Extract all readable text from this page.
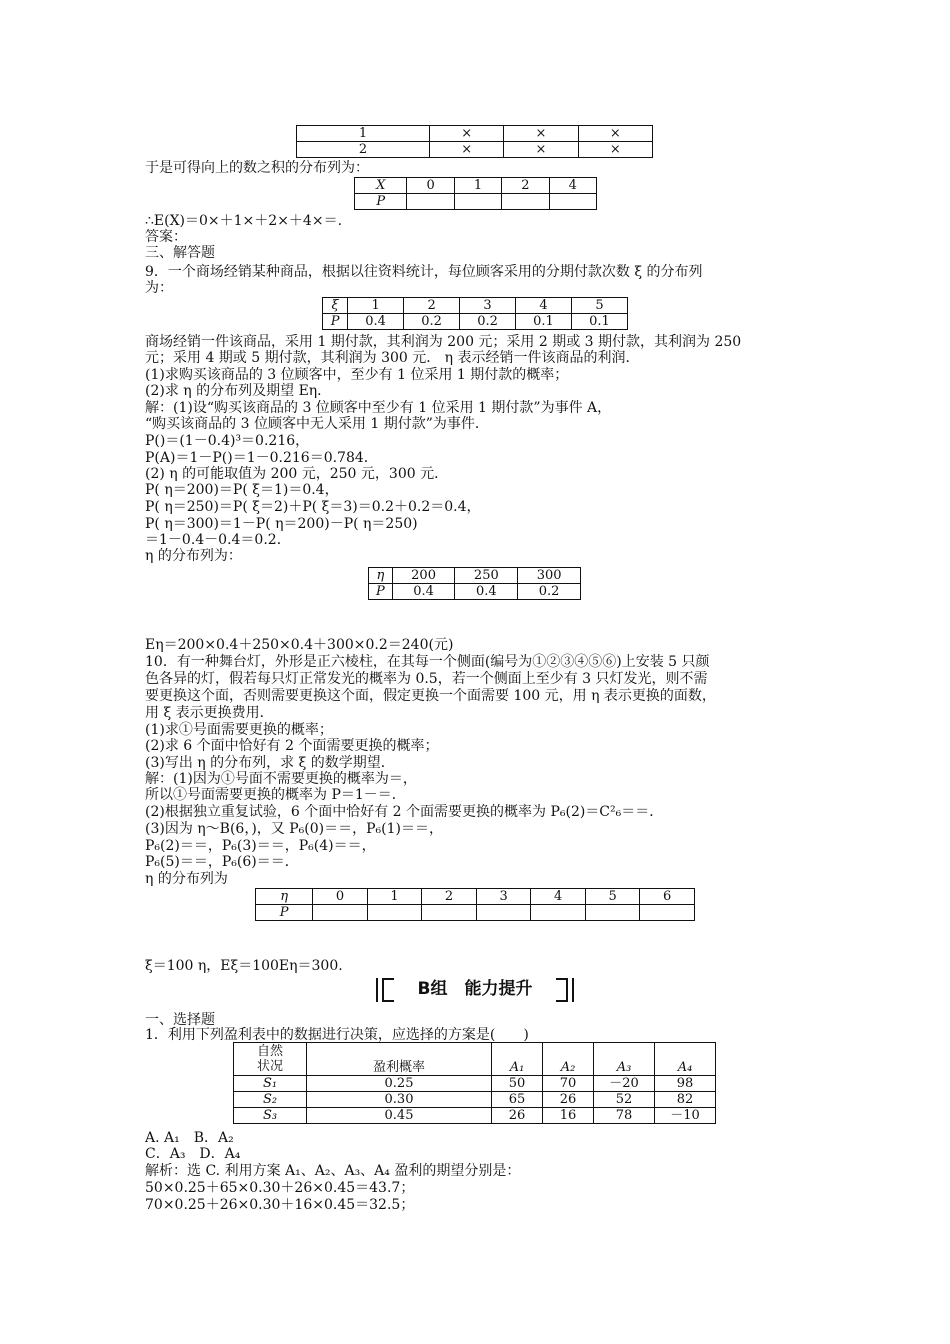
1	×	×	×
2	×	×	×
于是可得向上的数之积的分布列为：
X	0	1	2	4
P				
∴E(X)＝0×＋1×＋2×＋4×＝.
答案：
三、解答题
9．一个商场经销某种商品，根据以往资料统计，每位顾客采用的分期付款次数 ξ 的分布列
为：
ξ	1	2	3	4	5
P	0.4	0.2	0.2	0.1	0.1
商场经销一件该商品，采用 1 期付款，其利润为 200 元；采用 2 期或 3 期付款，其利润为 250
元；采用 4 期或 5 期付款，其利润为 300 元． η 表示经销一件该商品的利润．
(1)求购买该商品的 3 位顾客中，至少有 1 位采用 1 期付款的概率；
(2)求 η 的分布列及期望 Eη．
解：(1)设“购买该商品的 3 位顾客中至少有 1 位采用 1 期付款”为事件 A，
“购买该商品的 3 位顾客中无人采用 1 期付款”为事件．
P()＝(1－0.4)³＝0.216，
P(A)＝1－P()＝1－0.216＝0.784．
(2) η 的可能取值为 200 元，250 元，300 元．
P( η＝200)＝P( ξ＝1)＝0.4，
P( η＝250)＝P( ξ＝2)＋P( ξ＝3)＝0.2＋0.2＝0.4，
P( η＝300)＝1－P( η＝200)－P( η＝250)
＝1－0.4－0.4＝0.2．
η 的分布列为：
η	200	250	300
P	0.4	0.4	0.2
Eη＝200×0.4＋250×0.4＋300×0.2＝240(元)
10．有一种舞台灯，外形是正六棱柱，在其每一个侧面(编号为①②③④⑤⑥)上安装 5 只颜
色各异的灯，假若每只灯正常发光的概率为 0.5，若一个侧面上至少有 3 只灯发光，则不需
要更换这个面，否则需要更换这个面，假定更换一个面需要 100 元，用 η 表示更换的面数，
用 ξ 表示更换费用．
(1)求①号面需要更换的概率；
(2)求 6 个面中恰好有 2 个面需要更换的概率；
(3)写出 η 的分布列，求 ξ 的数学期望．
解：(1)因为①号面不需要更换的概率为＝，
所以①号面需要更换的概率为 P＝1－＝．
(2)根据独立重复试验，6 个面中恰好有 2 个面需要更换的概率为 P₆(2)＝C²₆＝＝．
(3)因为 η～B(6，)，又 P₆(0)＝＝，P₆(1)＝＝，
P₆(2)＝＝，P₆(3)＝＝，P₆(4)＝＝，
P₆(5)＝＝，P₆(6)＝＝．
η 的分布列为
η	0	1	2	3	4	5	6
P							
ξ＝100 η，Eξ＝100Eη＝300.
B组　能力提升
一、选择题
1．利用下列盈利表中的数据进行决策，应选择的方案是(　　)
自然
状况	盈利概率	A₁	A₂	A₃	A₄
S₁	0.25	50	70	－20	98
S₂	0.30	65	26	52	82
S₃	0.45	26	16	78	－10
A. A₁　B．A₂
C．A₃　D．A₄
解析：选 C. 利用方案 A₁、A₂、A₃、A₄ 盈利的期望分别是：
50×0.25＋65×0.30＋26×0.45＝43.7；
70×0.25＋26×0.30＋16×0.45＝32.5；
